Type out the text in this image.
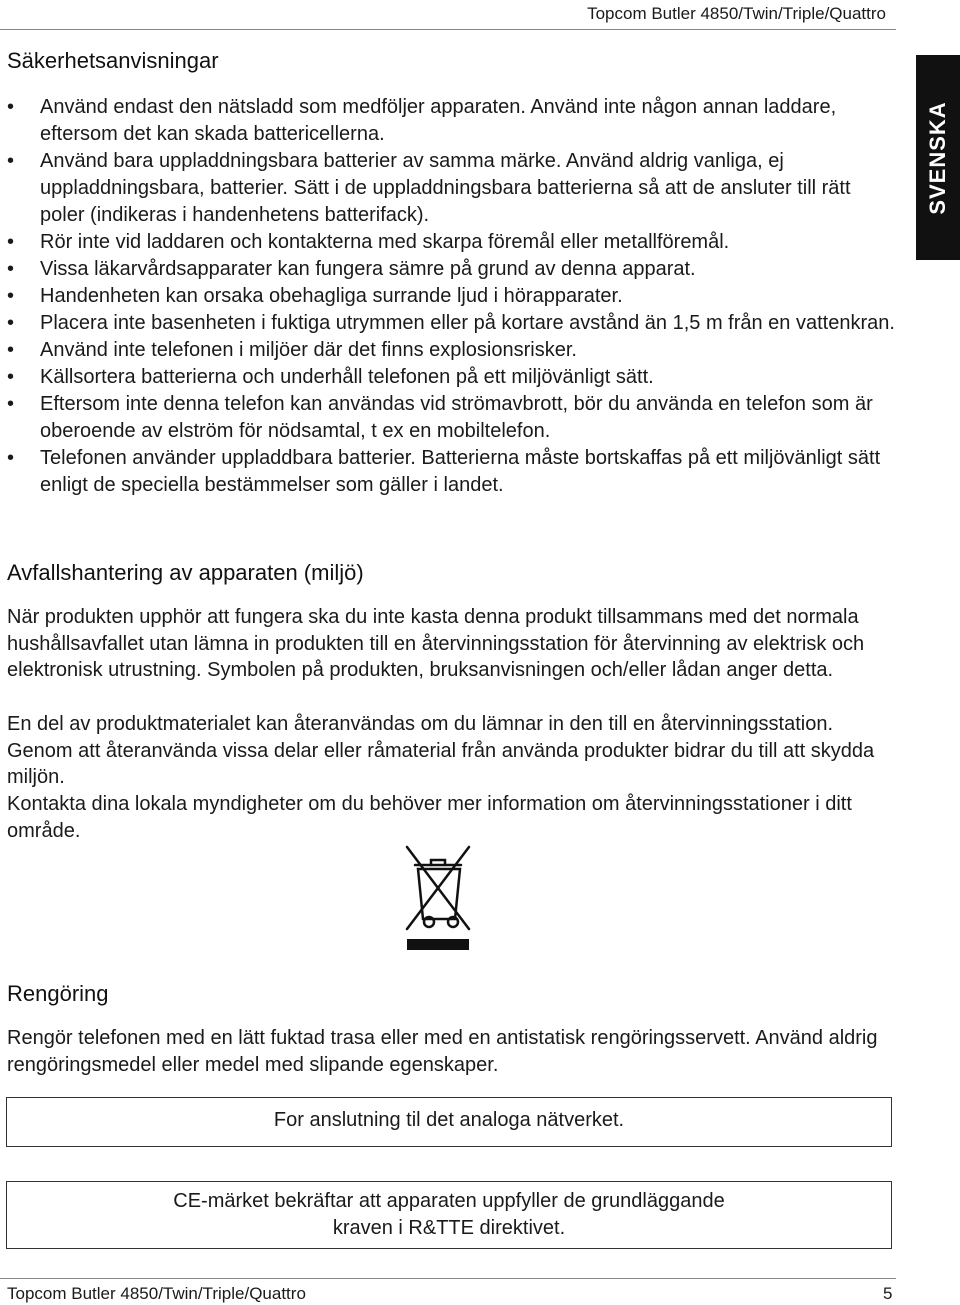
Topcom Butler 4850/Twin/Triple/Quattro
SVENSKA
Säkerhetsanvisningar
• Använd endast den nätsladd som medföljer apparaten. Använd inte någon annan laddare, eftersom det kan skada battericellerna.
• Använd bara uppladdningsbara batterier av samma märke. Använd aldrig vanliga, ej uppladdningsbara, batterier. Sätt i de uppladdningsbara batterierna så att de ansluter till rätt poler (indikeras i handenhetens batterifack).
• Rör inte vid laddaren och kontakterna med skarpa föremål eller metallföremål.
• Vissa läkarvårdsapparater kan fungera sämre på grund av denna apparat.
• Handenheten kan orsaka obehagliga surrande ljud i hörapparater.
• Placera inte basenheten i fuktiga utrymmen eller på kortare avstånd än 1,5 m från en vattenkran.
• Använd inte telefonen i miljöer där det finns explosionsrisker.
• Källsortera batterierna och underhåll telefonen på ett miljövänligt sätt.
• Eftersom inte denna telefon kan användas vid strömavbrott, bör du använda en telefon som är oberoende av elström för nödsamtal, t ex en mobiltelefon.
• Telefonen använder uppladdbara batterier. Batterierna måste bortskaffas på ett miljövänligt sätt enligt de speciella bestämmelser som gäller i landet.
Avfallshantering av apparaten (miljö)

När produkten upphör att fungera ska du inte kasta denna produkt tillsammans med det normala hushållsavfallet utan lämna in produkten till en återvinningsstation för återvinning av elektrisk och elektronisk utrustning. Symbolen på produkten, bruksanvisningen och/eller lådan anger detta.

En del av produktmaterialet kan återanvändas om du lämnar in den till en återvinningsstation. Genom att återanvända vissa delar eller råmaterial från använda produkter bidrar du till att skydda miljön.

Kontakta dina lokala myndigheter om du behöver mer information om återvinningsstationer i ditt område.

Rengöring

Rengör telefonen med en lätt fuktad trasa eller med en antistatisk rengöringsservett. Använd aldrig rengöringsmedel eller medel med slipande egenskaper.

For anslutning til det analoga nätverket.
CE-märket bekräftar att apparaten uppfyller de grundläggande
kraven i R&TTE direktivet.
Topcom Butler 4850/Twin/Triple/Quattro	5
